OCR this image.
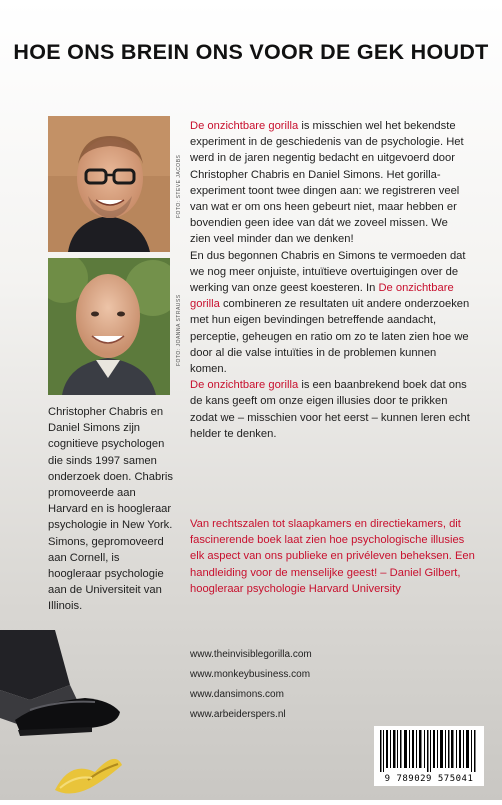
HOE ONS BREIN ONS VOOR DE GEK HOUDT
FOTO: STEVE JACOBS
FOTO: JOANNA STRAUSS

De onzichtbare gorilla is misschien wel het bekendste experiment in de geschiedenis van de psychologie. Het werd in de jaren negentig bedacht en uitgevoerd door Christopher Chabris en Daniel Simons. Het gorilla-experiment toont twee dingen aan: we registreren veel van wat er om ons heen gebeurt niet, maar hebben er bovendien geen idee van dát we zoveel missen. We zien veel minder dan we denken!

En dus begonnen Chabris en Simons te vermoeden dat we nog meer onjuiste, intuïtieve overtuigingen over de werking van onze geest koesteren. In De onzichtbare gorilla combineren ze resultaten uit andere onderzoeken met hun eigen bevindingen betreffende aandacht, perceptie, geheugen en ratio om zo te laten zien hoe we door al die valse intuïties in de problemen kunnen komen.

De onzichtbare gorilla is een baanbrekend boek dat ons de kans geeft om onze eigen illusies door te prikken zodat we – misschien voor het eerst – kunnen leren echt helder te denken.

Christopher Chabris en Daniel Simons zijn cognitieve psychologen die sinds 1997 samen onderzoek doen. Chabris promoveerde aan Harvard en is hoogleraar psychologie in New York. Simons, gepromoveerd aan Cornell, is hoogleraar psychologie aan de Universiteit van Illinois.
Van rechtszalen tot slaapkamers en directiekamers, dit fascinerende boek laat zien hoe psychologische illusies elk aspect van ons publieke en privéleven beheksen. Een handleiding voor de menselijke geest! – Daniel Gilbert, hoogleraar psychologie Harvard University
www.theinvisiblegorilla.com
www.monkeybusiness.com
www.dansimons.com
www.arbeiderspers.nl
9 789029 575041
